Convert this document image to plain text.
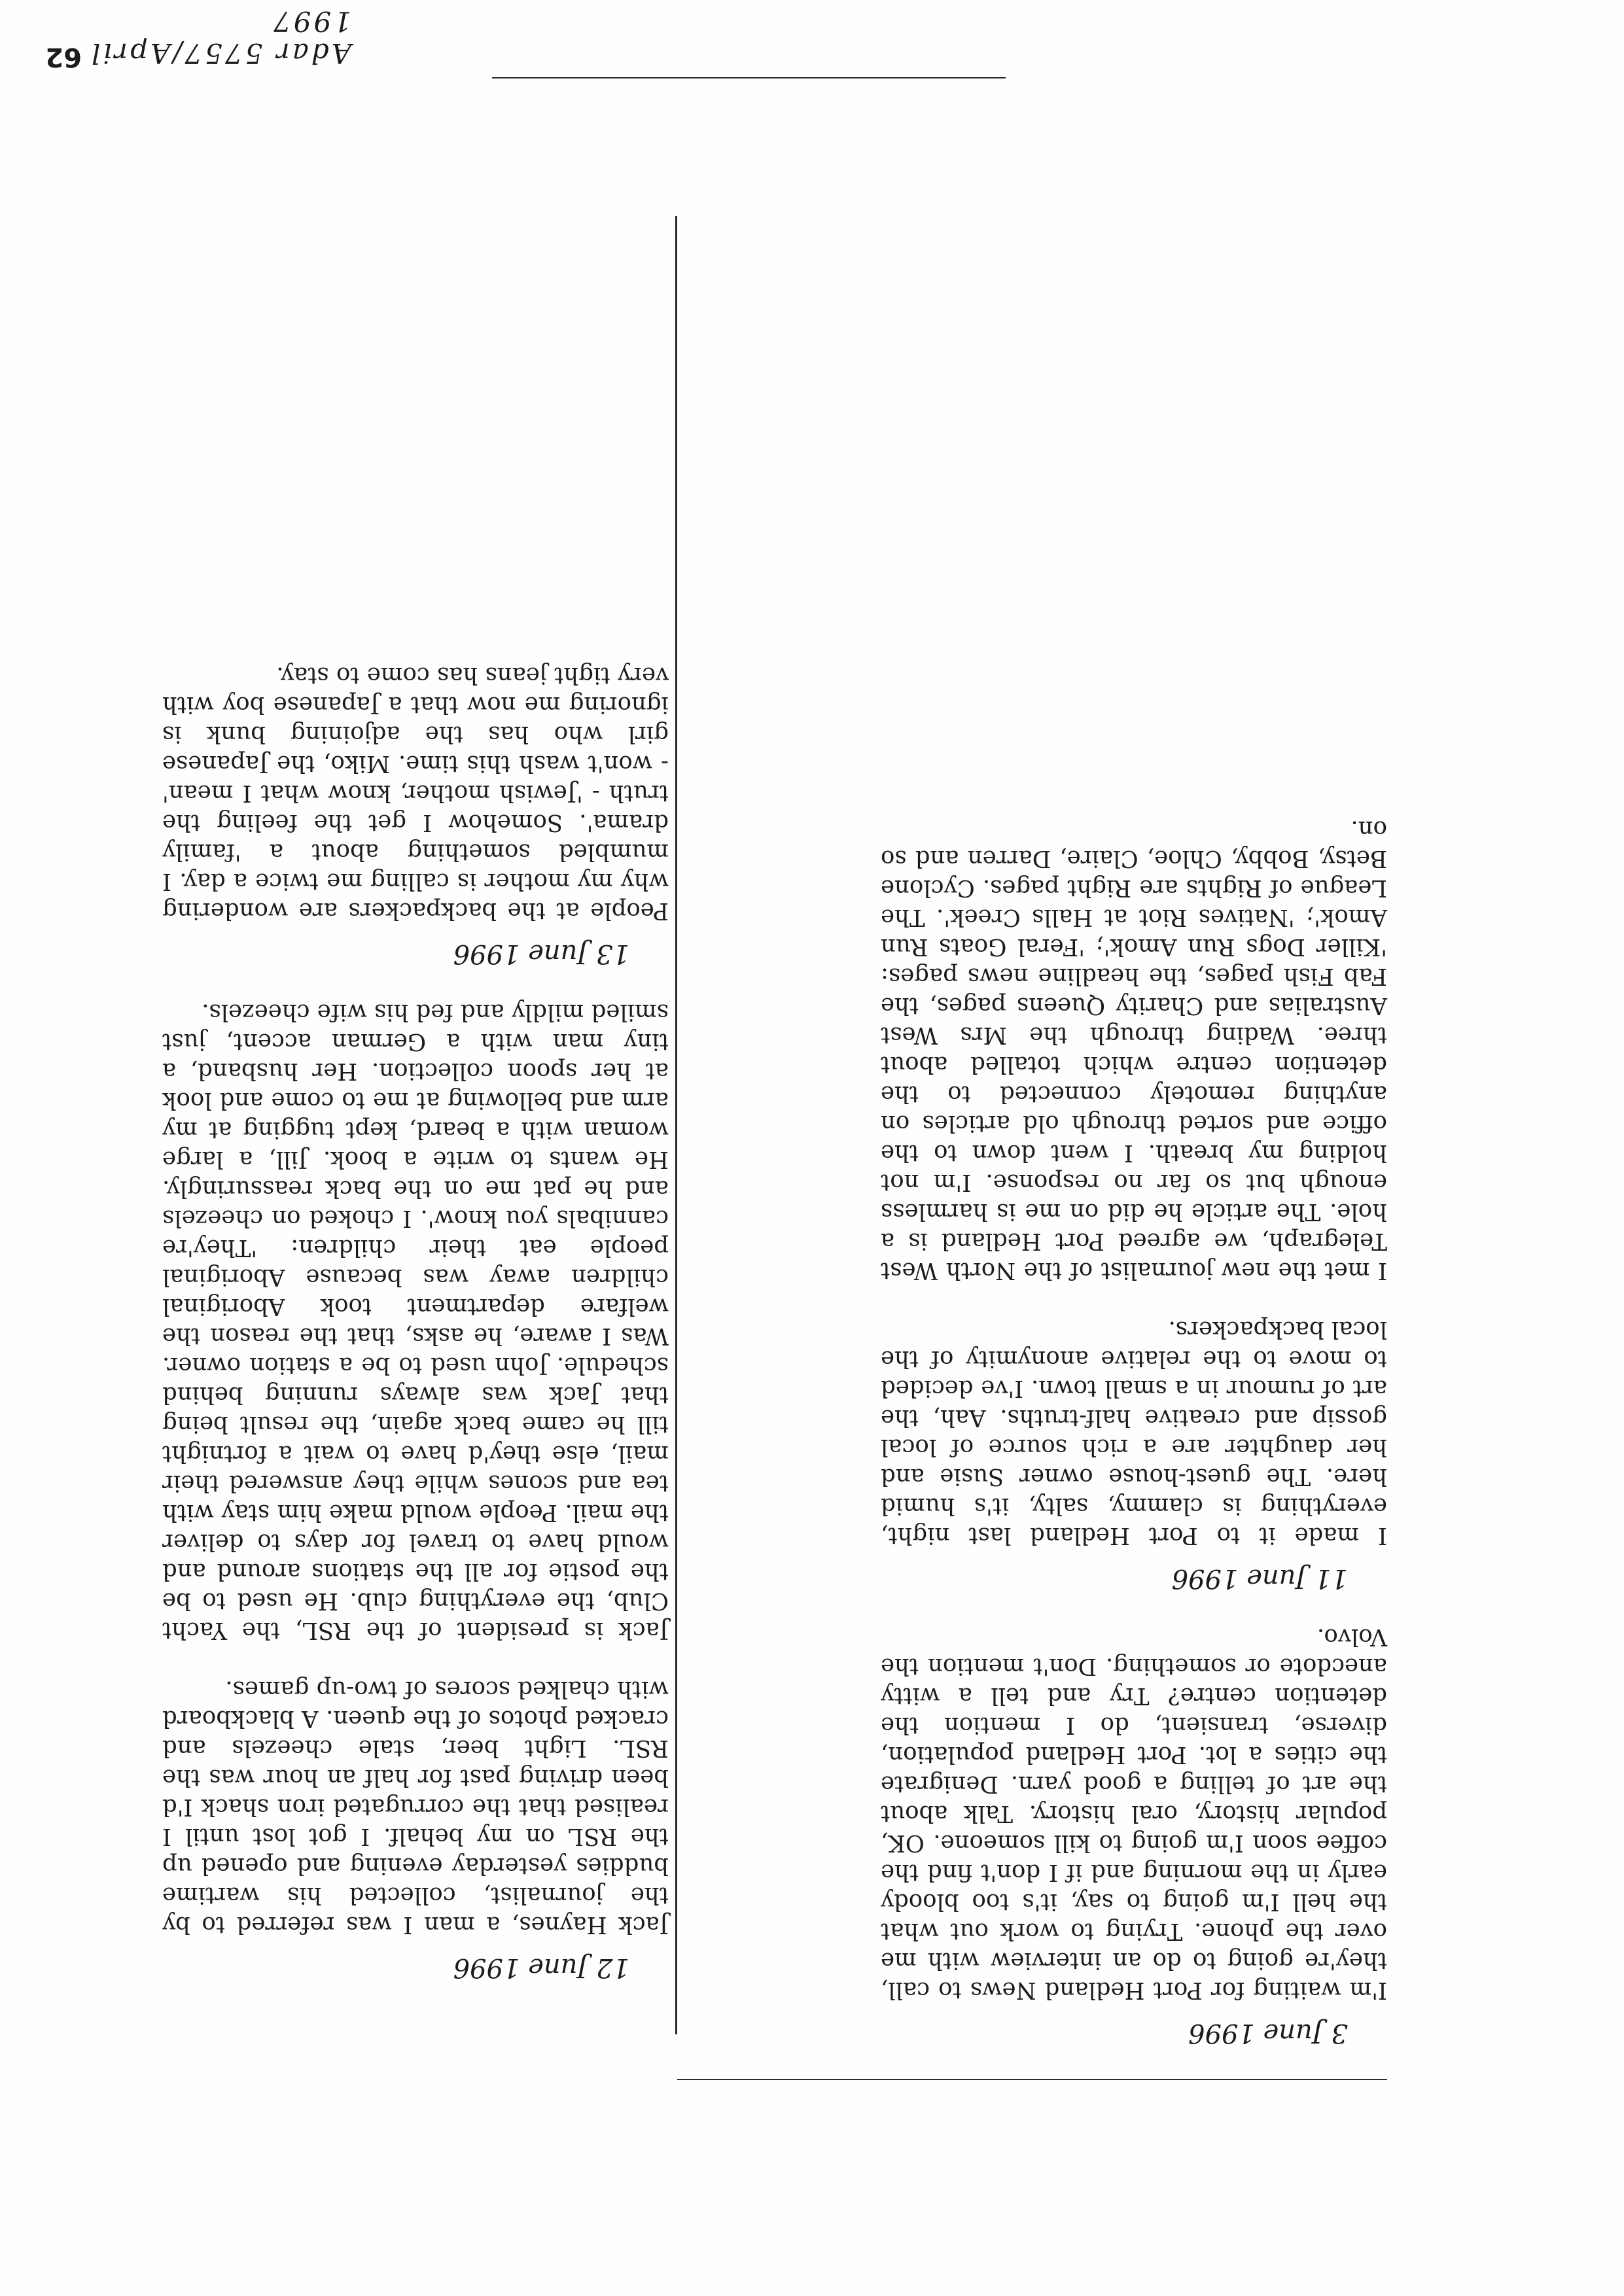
62 Adar 5757/April 1997
3 June 1996

I'm waiting for Port Hedland News to call, they're going to do an interview with me over the phone. Trying to work out what the hell I'm going to say, it's too bloody early in the morning and if I don't find the coffee soon I'm going to kill someone. OK, popular history, oral history. Talk about the art of telling a good yarn. Denigrate the cities a lot. Port Hedland population, diverse, transient, do I mention the detention centre? Try and tell a witty anecdote or something. Don't mention the Volvo.

11 June 1996

I made it to Port Hedland last night, everything is clammy, salty, it's humid here. The guest-house owner Susie and her daughter are a rich source of local gossip and creative half-truths. Aah, the art of rumour in a small town. I've decided to move to the relative anonymity of the local backpackers.

I met the new journalist of the North West Telegraph, we agreed Port Hedland is a hole. The article he did on me is harmless enough but so far no response. I'm not holding my breath. I went down to the office and sorted through old articles on anything remotely connected to the detention centre which totalled about three. Wading through the Mrs West Australias and Charity Queens pages, the Fab Fish pages, the headline news pages: 'Killer Dogs Run Amok'; 'Feral Goats Run Amok'; 'Natives Riot at Halls Creek'. The League of Rights are Right pages. Cyclone Betsy, Bobby, Chloe, Claire, Darren and so on.

12 June 1996

Jack Haynes, a man I was referred to by the journalist, collected his wartime buddies yesterday evening and opened up the RSL on my behalf. I got lost until I realised that the corrugated iron shack I'd been driving past for half an hour was the RSL. Light beer, stale cheezels and cracked photos of the queen. A blackboard with chalked scores of two-up games.

Jack is president of the RSL, the Yacht Club, the everything club. He used to be the postie for all the stations around and would have to travel for days to deliver the mail. People would make him stay with tea and scones while they answered their mail, else they'd have to wait a fortnight till he came back again, the result being that Jack was always running behind schedule. John used to be a station owner. Was I aware, he asks, that the reason the welfare department took Aboriginal children away was because Aboriginal people eat their children: 'They're cannibals you know'. I choked on cheezels and he pat me on the back reassuringly. He wants to write a book. Jill, a large woman with a beard, kept tugging at my arm and bellowing at me to come and look at her spoon collection. Her husband, a tiny man with a German accent, just smiled mildly and fed his wife cheezels.

13 June 1996

People at the backpackers are wondering why my mother is calling me twice a day. I mumbled something about a 'family drama'. Somehow I get the feeling the truth - 'Jewish mother, know what I mean' - won't wash this time. Miko, the Japanese girl who has the adjoining bunk is ignoring me now that a Japanese boy with very tight jeans has come to stay.
